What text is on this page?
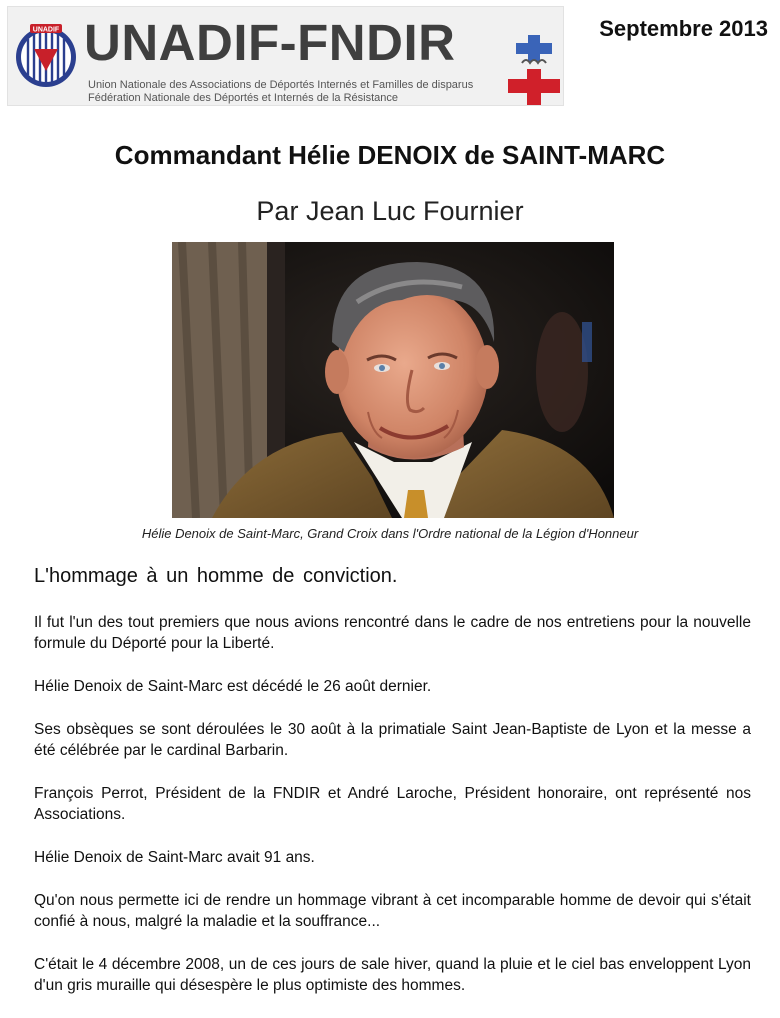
UNADIF UNADIF-FNDIR
Union Nationale des Associations de Déportés Internés et Familles de disparus
Fédération Nationale des Déportés et Internés de la Résistance
Septembre 2013
Commandant Hélie DENOIX de SAINT-MARC
Par Jean Luc Fournier

Hélie Denoix de Saint-Marc, Grand Croix dans l'Ordre national de la Légion d'Honneur

L'hommage à un homme de conviction.

Il fut l'un des tout premiers que nous avions rencontré dans le cadre de nos entretiens pour la nouvelle formule du Déporté pour la Liberté.

Hélie Denoix de Saint-Marc est décédé le 26 août dernier.

Ses obsèques se sont déroulées le 30 août à la primatiale Saint Jean-Baptiste de Lyon et la messe a été célébrée par le cardinal Barbarin.

François Perrot, Président de la FNDIR et André Laroche, Président honoraire, ont représenté nos Associations.

Hélie Denoix de Saint-Marc avait 91 ans.

Qu'on nous permette ici de rendre un hommage vibrant à cet incomparable homme de devoir qui s'était confié à nous, malgré la maladie et la souffrance...

C'était le 4 décembre 2008, un de ces jours de sale hiver, quand la pluie et le ciel bas enveloppent Lyon d'un gris muraille qui désespère le plus optimiste des hommes.
